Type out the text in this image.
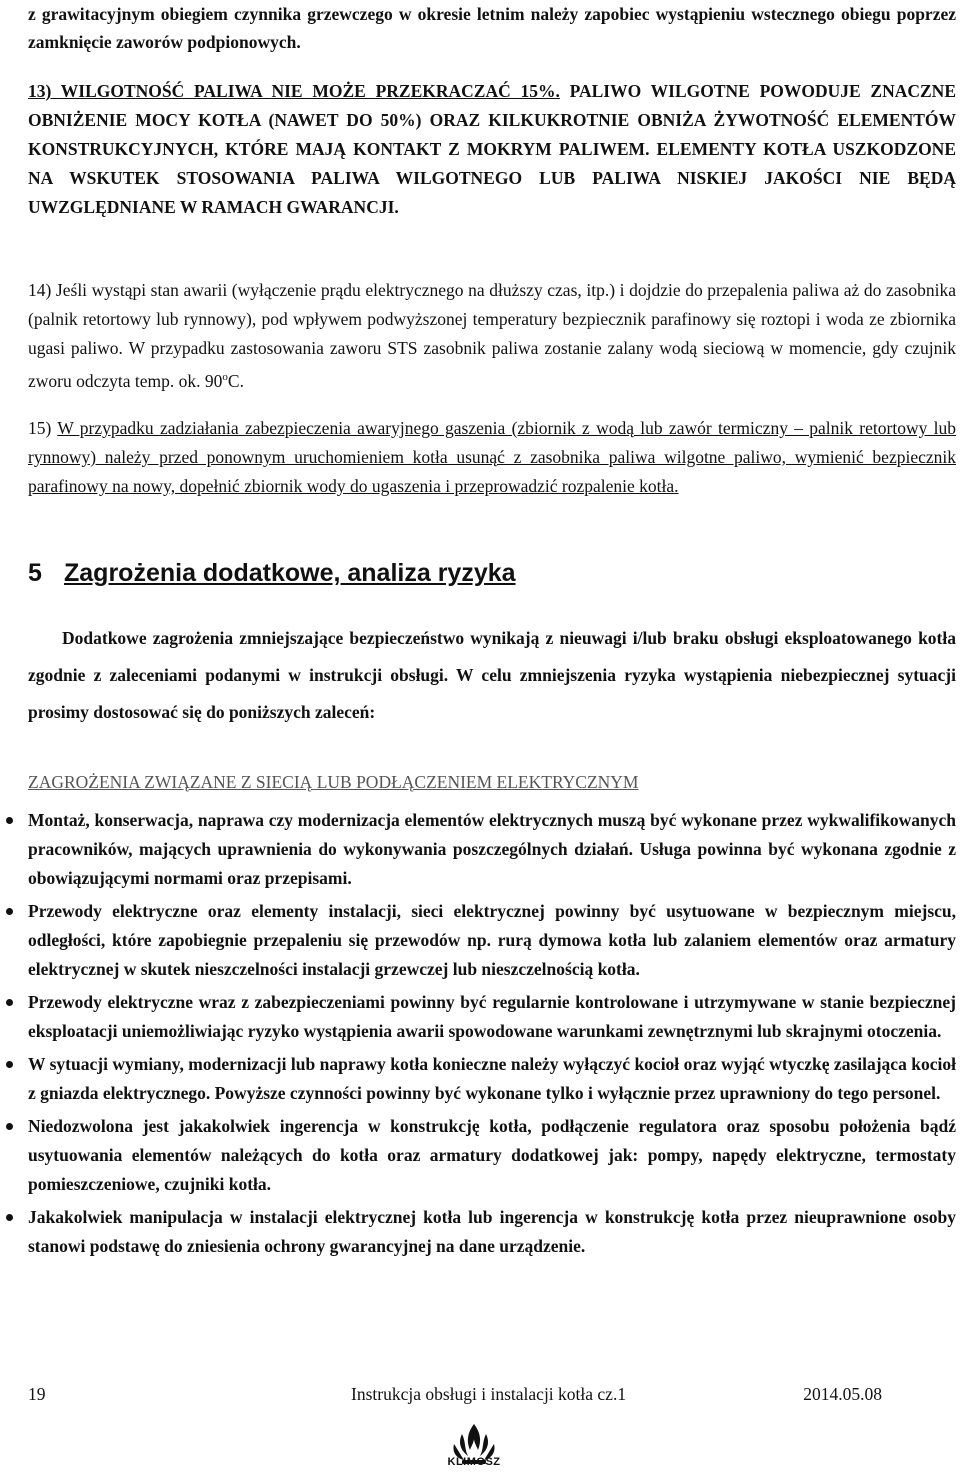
z grawitacyjnym obiegiem czynnika grzewczego w okresie letnim należy zapobiec wystąpieniu wstecznego obiegu poprzez zamknięcie zaworów podpionowych.

13) WILGOTNOŚĆ PALIWA NIE MOŻE PRZEKRACZAĆ 15%. PALIWO WILGOTNE POWODUJE ZNACZNE OBNIŻENIE MOCY KOTŁA (NAWET DO 50%) ORAZ KILKUKROTNIE OBNIŻA ŻYWOTNOŚĆ ELEMENTÓW KONSTRUKCYJNYCH, KTÓRE MAJĄ KONTAKT Z MOKRYM PALIWEM. ELEMENTY KOTŁA USZKODZONE NA WSKUTEK STOSOWANIA PALIWA WILGOTNEGO LUB PALIWA NISKIEJ JAKOŚCI NIE BĘDĄ UWZGLĘDNIANE W RAMACH GWARANCJI.

14) Jeśli wystąpi stan awarii (wyłączenie prądu elektrycznego na dłuższy czas, itp.) i dojdzie do przepalenia paliwa aż do zasobnika (palnik retortowy lub rynnowy), pod wpływem podwyższonej temperatury bezpiecznik parafinowy się roztopi i woda ze zbiornika ugasi paliwo. W przypadku zastosowania zaworu STS zasobnik paliwa zostanie zalany wodą sieciową w momencie, gdy czujnik zworu odczyta temp. ok. 90$^o$C.

15) W przypadku zadziałania zabezpieczenia awaryjnego gaszenia (zbiornik z wodą lub zawór termiczny – palnik retortowy lub rynnowy) należy przed ponownym uruchomieniem kotła usunąć z zasobnika paliwa wilgotne paliwo, wymienić bezpiecznik parafinowy na nowy, dopełnić zbiornik wody do ugaszenia i przeprowadzić rozpalenie kotła.

5 Zagrożenia dodatkowe, analiza ryzyka

Dodatkowe zagrożenia zmniejszające bezpieczeństwo wynikają z nieuwagi i/lub braku obsługi eksploatowanego kotła zgodnie z zaleceniami podanymi w instrukcji obsługi. W celu zmniejszenia ryzyka wystąpienia niebezpiecznej sytuacji prosimy dostosować się do poniższych zaleceń:

ZAGROŻENIA ZWIĄZANE Z SIECIĄ LUB PODŁĄCZENIEM ELEKTRYCZNYM
Montaż, konserwacja, naprawa czy modernizacja elementów elektrycznych muszą być wykonane przez wykwalifikowanych pracowników, mających uprawnienia do wykonywania poszczególnych działań. Usługa powinna być wykonana zgodnie z obowiązującymi normami oraz przepisami.
Przewody elektryczne oraz elementy instalacji, sieci elektrycznej powinny być usytuowane w bezpiecznym miejscu, odległości, które zapobiegnie przepaleniu się przewodów np. rurą dymowa kotła lub zalaniem elementów oraz armatury elektrycznej w skutek nieszczelności instalacji grzewczej lub nieszczelnością kotła.
Przewody elektryczne wraz z zabezpieczeniami powinny być regularnie kontrolowane i utrzymywane w stanie bezpiecznej eksploatacji uniemożliwiając ryzyko wystąpienia awarii spowodowane warunkami zewnętrznymi lub skrajnymi otoczenia.
W sytuacji wymiany, modernizacji lub naprawy kotła konieczne należy wyłączyć kocioł oraz wyjąć wtyczkę zasilająca kocioł z gniazda elektrycznego. Powyższe czynności powinny być wykonane tylko i wyłącznie przez uprawniony do tego personel.
Niedozwolona jest jakakolwiek ingerencja w konstrukcję kotła, podłączenie regulatora oraz sposobu położenia bądź usytuowania elementów należących do kotła oraz armatury dodatkowej jak: pompy, napędy elektryczne, termostaty pomieszczeniowe, czujniki kotła.
Jakakolwiek manipulacja w instalacji elektrycznej kotła lub ingerencja w konstrukcję kotła przez nieuprawnione osoby stanowi podstawę do zniesienia ochrony gwarancyjnej na dane urządzenie.
19	Instrukcja obsługi i instalacji kotła cz.1	2014.05.08
KLIMOSZ
